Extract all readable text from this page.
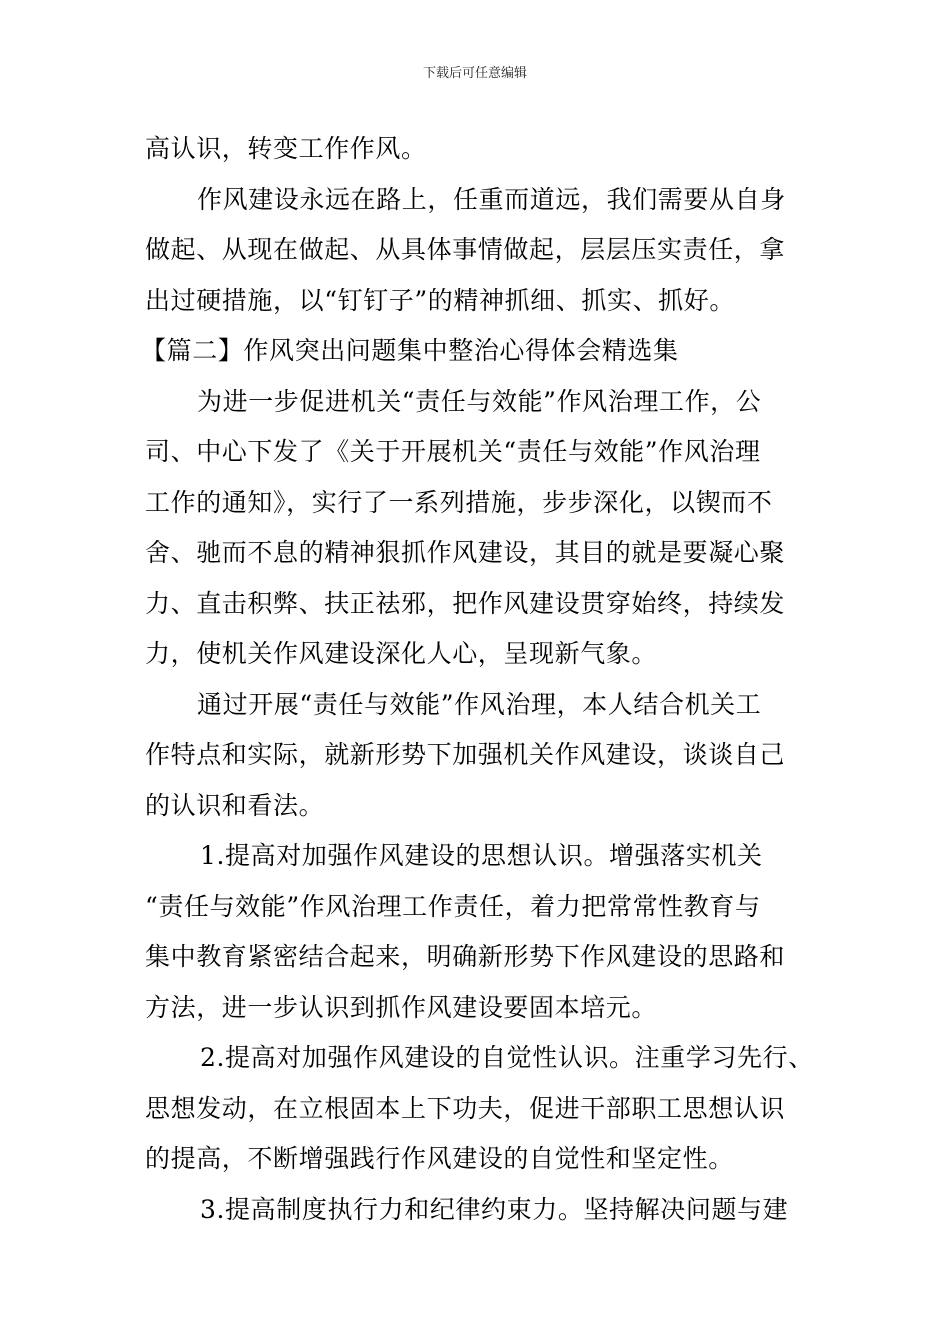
下载后可任意编辑
高认识，转变工作作风。
作风建设永远在路上，任重而道远，我们需要从自身
做起、从现在做起、从具体事情做起，层层压实责任，拿
出过硬措施，以“钉钉子”的精神抓细、抓实、抓好。
【篇二】作风突出问题集中整治心得体会精选集
为进一步促进机关“责任与效能”作风治理工作，公
司、中心下发了《关于开展机关“责任与效能”作风治理
工作的通知》，实行了一系列措施，步步深化，以锲而不
舍、驰而不息的精神狠抓作风建设，其目的就是要凝心聚
力、直击积弊、扶正祛邪，把作风建设贯穿始终，持续发
力，使机关作风建设深化人心，呈现新气象。
通过开展“责任与效能”作风治理，本人结合机关工
作特点和实际，就新形势下加强机关作风建设，谈谈自己
的认识和看法。
1.提高对加强作风建设的思想认识。增强落实机关
“责任与效能”作风治理工作责任，着力把常常性教育与
集中教育紧密结合起来，明确新形势下作风建设的思路和
方法，进一步认识到抓作风建设要固本培元。
2.提高对加强作风建设的自觉性认识。注重学习先行、
思想发动，在立根固本上下功夫，促进干部职工思想认识
的提高，不断增强践行作风建设的自觉性和坚定性。
3.提高制度执行力和纪律约束力。坚持解决问题与建
